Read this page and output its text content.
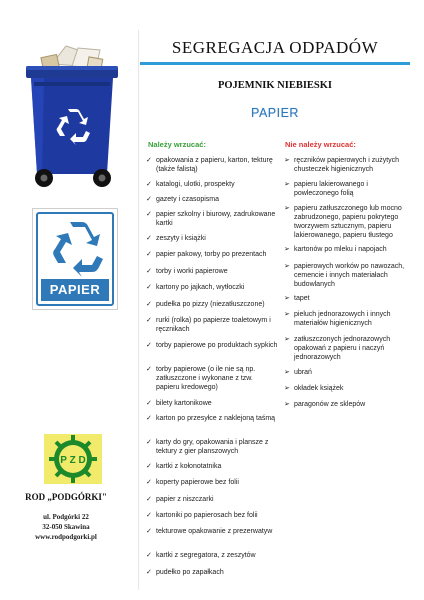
PAPIER
P Z D
ROD „PODGÓRKI"
ul. Podgórki 22
32-050 Skawina
www.rodpodgorki.pl
SEGREGACJA ODPADÓW
POJEMNIK NIEBIESKI
PAPIER
Należy wrzucać:	Nie należy wrzucać:
✓ opakowania z papieru, karton, tekturę (także falistą)
✓ katalogi, ulotki, prospekty
✓ gazety i czasopisma
✓ papier szkolny i biurowy, zadrukowane kartki
✓ zeszyty i książki
✓ papier pakowy, torby po prezentach
✓ torby i worki papierowe
✓ kartony po jajkach, wytłoczki
✓ pudełka po pizzy (niezatłuszczone)
✓ rurki (rolka) po papierze toaletowym i ręcznikach
✓ torby papierowe po produktach sypkich
✓ torby papierowe (o ile nie są np. zatłuszczone i wykonane z tzw. papieru kredowego)
✓ bilety kartonikowe
✓ karton po przesyłce z naklejoną taśmą
✓ karty do gry, opakowania i plansze z tektury z gier planszowych
✓ kartki z kołonotatnika
✓ koperty papierowe bez folii
✓ papier z niszczarki
✓ kartoniki po papierosach bez folii
✓ tekturowe opakowanie z prezerwatyw
✓ kartki z segregatora, z zeszytów
✓ pudełko po zapałkach
➢ ręczników papierowych i zużytych chusteczek higienicznych
➢ papieru lakierowanego i powleczonego folią
➢ papieru zatłuszczonego lub mocno zabrudzonego, papieru pokrytego tworzywem sztucznym, papieru lakierowanego, papieru tłustego
➢ kartonów po mleku i napojach
➢ papierowych worków po nawozach, cemencie i innych materiałach budowlanych
➢ tapet
➢ pieluch jednorazowych i innych materiałów higienicznych
➢ zatłuszczonych jednorazowych opakowań z papieru i naczyń jednorazowych
➢ ubrań
➢ okładek książek
➢ paragonów ze sklepów
